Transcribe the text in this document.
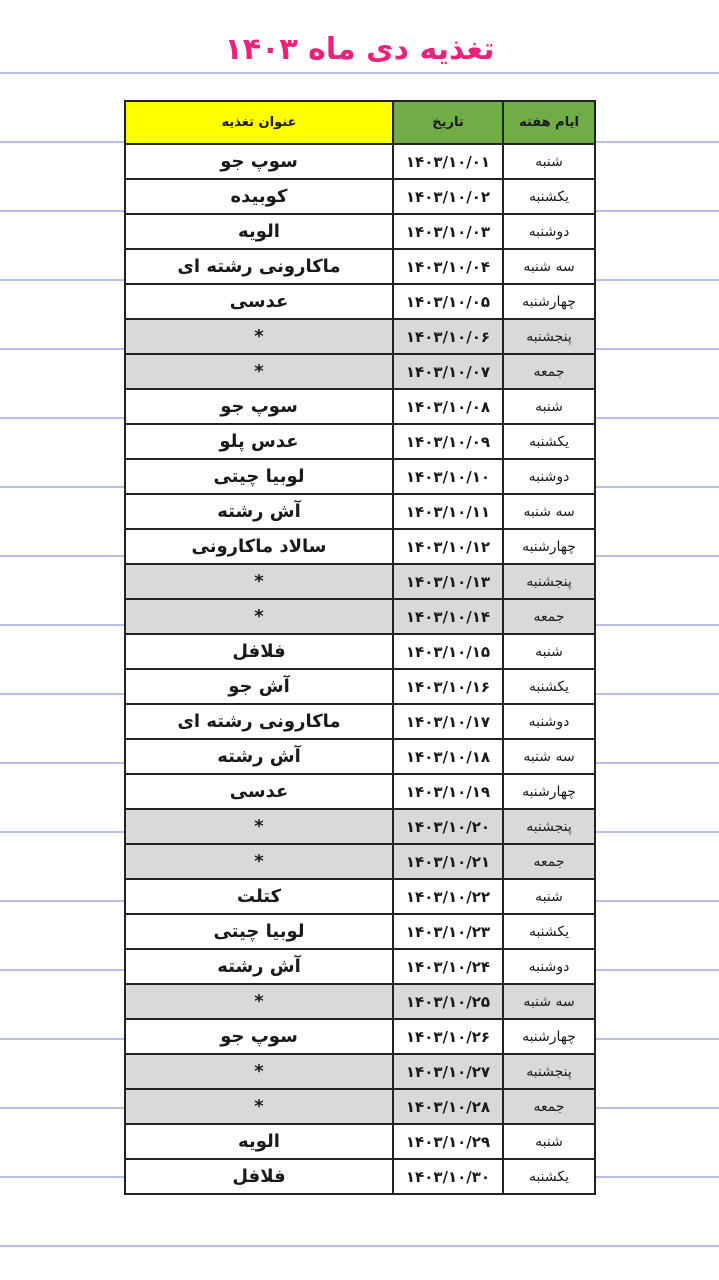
تغذیه دی ماه ۱۴۰۳
ایام هفته	تاریخ	عنوان تغذیه
شنبه	۱۴۰۳/۱۰/۰۱	سوپ جو
یکشنبه	۱۴۰۳/۱۰/۰۲	کوبیده
دوشنبه	۱۴۰۳/۱۰/۰۳	الویه
سه شنبه	۱۴۰۳/۱۰/۰۴	ماکارونی رشته ای
چهارشنبه	۱۴۰۳/۱۰/۰۵	عدسی
پنجشنبه	۱۴۰۳/۱۰/۰۶	*
جمعه	۱۴۰۳/۱۰/۰۷	*
شنبه	۱۴۰۳/۱۰/۰۸	سوپ جو
یکشنبه	۱۴۰۳/۱۰/۰۹	عدس پلو
دوشنبه	۱۴۰۳/۱۰/۱۰	لوبیا چیتی
سه شنبه	۱۴۰۳/۱۰/۱۱	آش رشته
چهارشنبه	۱۴۰۳/۱۰/۱۲	سالاد ماکارونی
پنجشنبه	۱۴۰۳/۱۰/۱۳	*
جمعه	۱۴۰۳/۱۰/۱۴	*
شنبه	۱۴۰۳/۱۰/۱۵	فلافل
یکشنبه	۱۴۰۳/۱۰/۱۶	آش جو
دوشنبه	۱۴۰۳/۱۰/۱۷	ماکارونی رشته ای
سه شنبه	۱۴۰۳/۱۰/۱۸	آش رشته
چهارشنبه	۱۴۰۳/۱۰/۱۹	عدسی
پنجشنبه	۱۴۰۳/۱۰/۲۰	*
جمعه	۱۴۰۳/۱۰/۲۱	*
شنبه	۱۴۰۳/۱۰/۲۲	کتلت
یکشنبه	۱۴۰۳/۱۰/۲۳	لوبیا چیتی
دوشنبه	۱۴۰۳/۱۰/۲۴	آش رشته
سه شنبه	۱۴۰۳/۱۰/۲۵	*
چهارشنبه	۱۴۰۳/۱۰/۲۶	سوپ جو
پنجشنبه	۱۴۰۳/۱۰/۲۷	*
جمعه	۱۴۰۳/۱۰/۲۸	*
شنبه	۱۴۰۳/۱۰/۲۹	الویه
یکشنبه	۱۴۰۳/۱۰/۳۰	فلافل
